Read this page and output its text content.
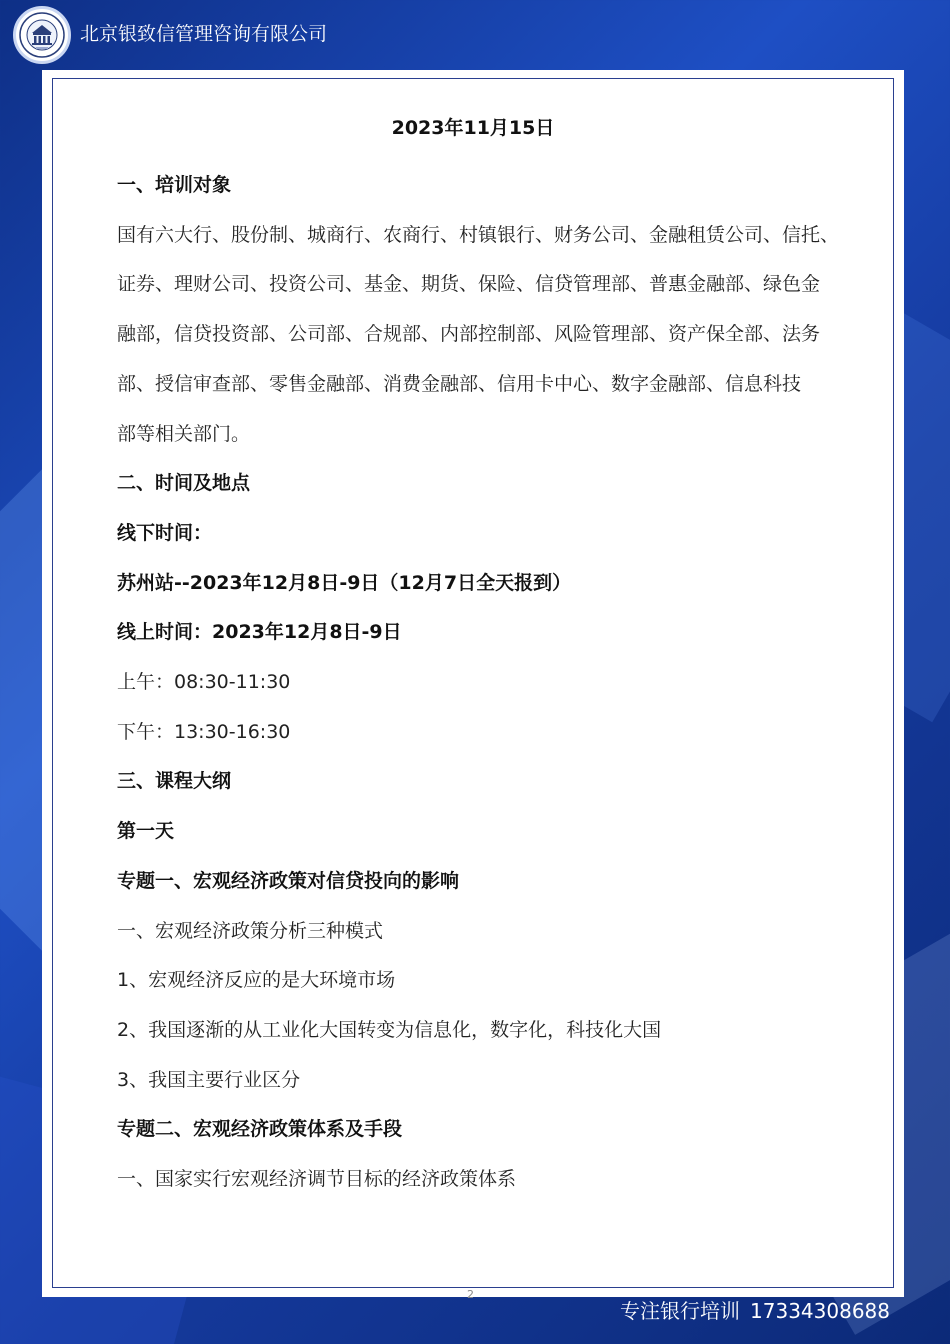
北京银致信管理咨询有限公司
2023年11月15日
一、培训对象
国有六大行、股份制、城商行、农商行、村镇银行、财务公司、金融租赁公司、信托、
证券、理财公司、投资公司、基金、期货、保险、信贷管理部、普惠金融部、绿色金
融部，信贷投资部、公司部、合规部、内部控制部、风险管理部、资产保全部、法务
部、授信审查部、零售金融部、消费金融部、信用卡中心、数字金融部、信息科技
部等相关部门。
二、时间及地点
线下时间：
苏州站--2023年12月8日-9日（12月7日全天报到）
线上时间：2023年12月8日-9日
上午：08:30-11:30
下午：13:30-16:30
三、课程大纲
第一天
专题一、宏观经济政策对信贷投向的影响
一、宏观经济政策分析三种模式
1、宏观经济反应的是大环境市场
2、我国逐渐的从工业化大国转变为信息化，数字化，科技化大国
3、我国主要行业区分
专题二、宏观经济政策体系及手段
一、国家实行宏观经济调节目标的经济政策体系
2
专注银行培训 17334308688
